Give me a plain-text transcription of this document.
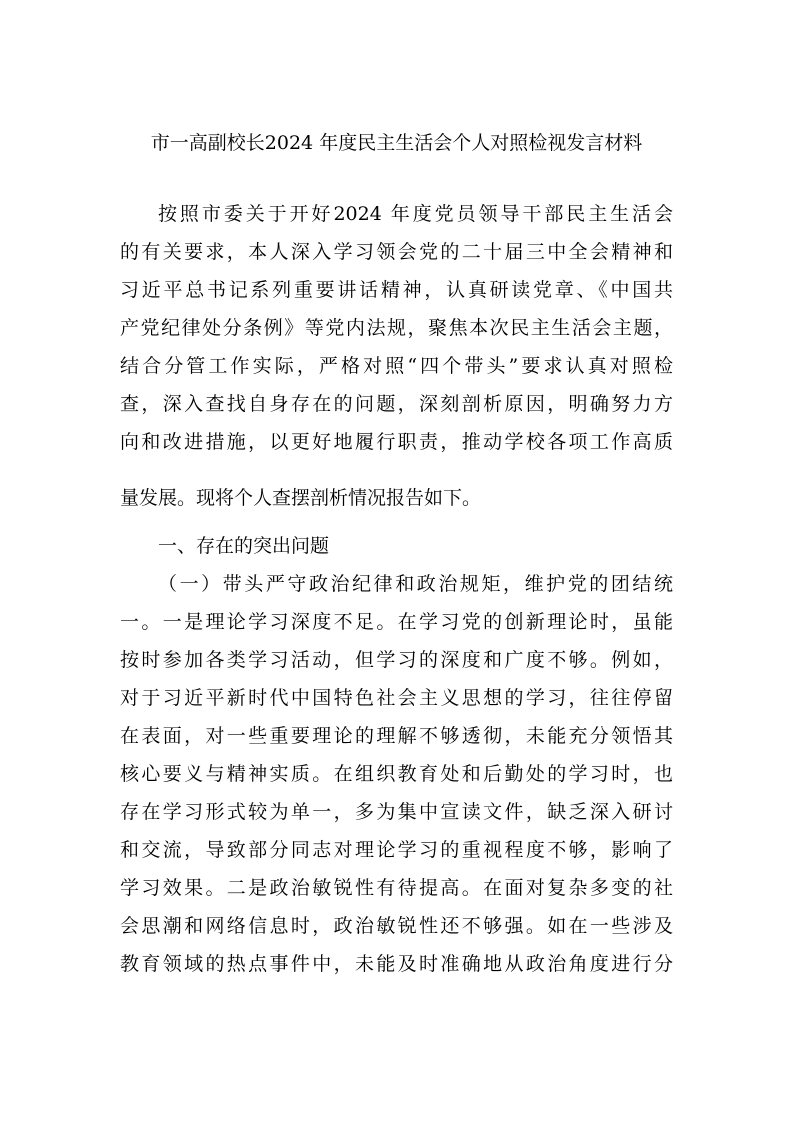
市一高副校长2024 年度民主生活会个人对照检视发言材料
按照市委关于开好2024 年度党员领导干部民主生活会
的有关要求，本人深入学习领会党的二十届三中全会精神和
习近平总书记系列重要讲话精神，认真研读党章、《中国共
产党纪律处分条例》等党内法规，聚焦本次民主生活会主题，
结合分管工作实际，严格对照“四个带头”要求认真对照检
查，深入查找自身存在的问题，深刻剖析原因，明确努力方
向和改进措施，以更好地履行职责，推动学校各项工作高质
量发展。现将个人查摆剖析情况报告如下。
一、存在的突出问题
（一）带头严守政治纪律和政治规矩，维护党的团结统
一。一是理论学习深度不足。在学习党的创新理论时，虽能
按时参加各类学习活动，但学习的深度和广度不够。例如，
对于习近平新时代中国特色社会主义思想的学习，往往停留
在表面，对一些重要理论的理解不够透彻，未能充分领悟其
核心要义与精神实质。在组织教育处和后勤处的学习时，也
存在学习形式较为单一，多为集中宣读文件，缺乏深入研讨
和交流，导致部分同志对理论学习的重视程度不够，影响了
学习效果。二是政治敏锐性有待提高。在面对复杂多变的社
会思潮和网络信息时，政治敏锐性还不够强。如在一些涉及
教育领域的热点事件中，未能及时准确地从政治角度进行分
